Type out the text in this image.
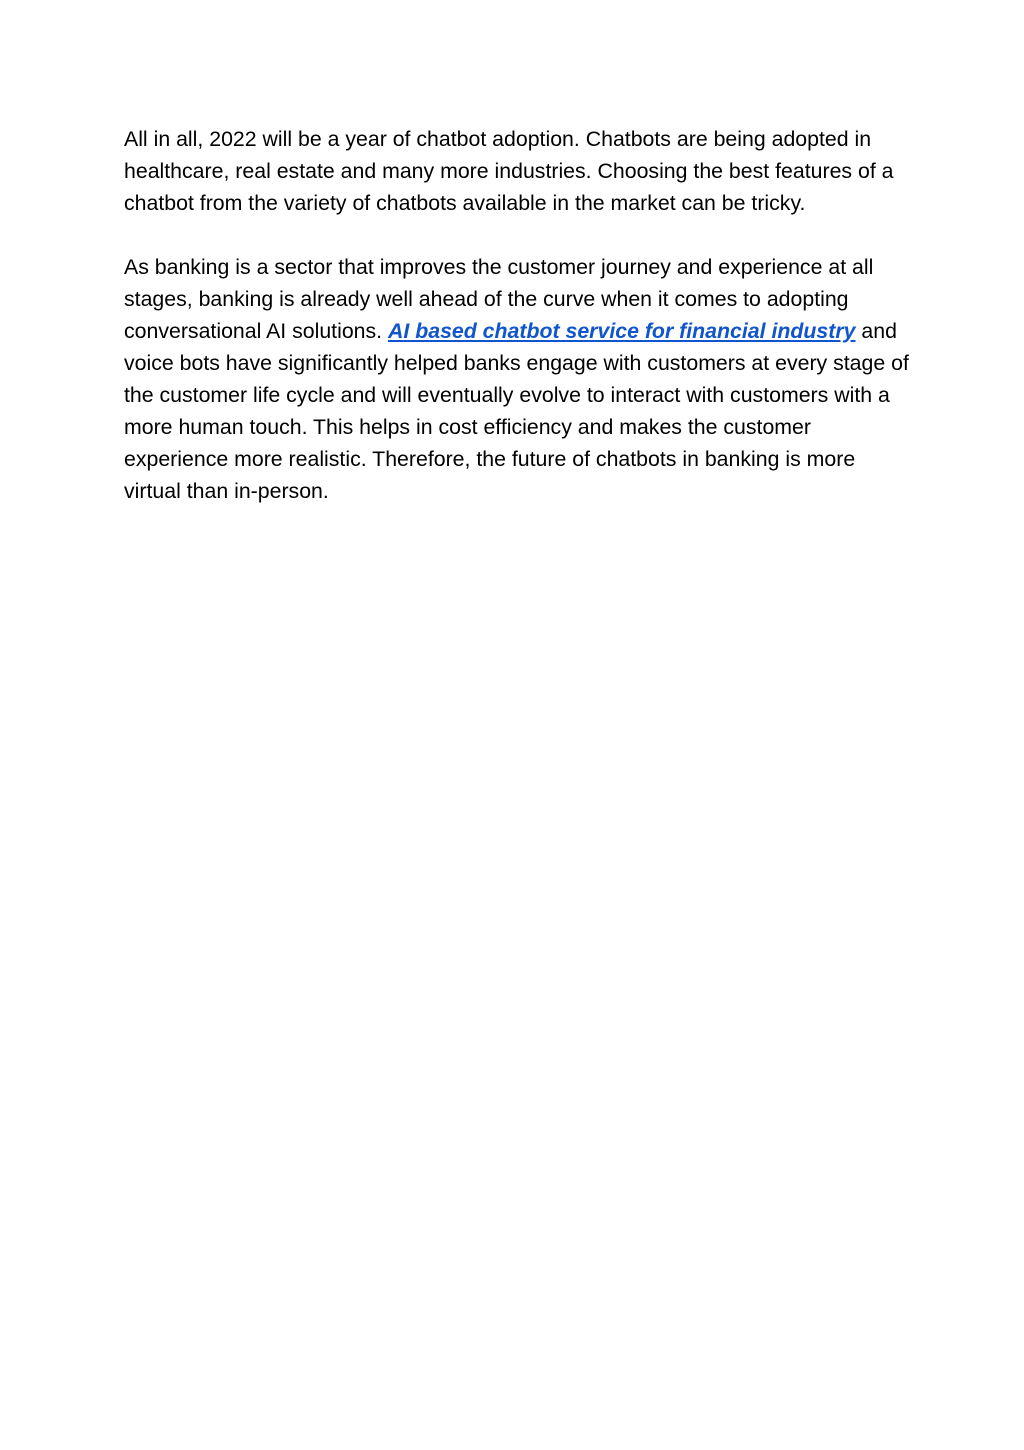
All in all, 2022 will be a year of chatbot adoption. Chatbots are being adopted in healthcare, real estate and many more industries. Choosing the best features of a chatbot from the variety of chatbots available in the market can be tricky.

As banking is a sector that improves the customer journey and experience at all stages, banking is already well ahead of the curve when it comes to adopting conversational AI solutions. AI based chatbot service for financial industry and voice bots have significantly helped banks engage with customers at every stage of the customer life cycle and will eventually evolve to interact with customers with a more human touch. This helps in cost efficiency and makes the customer experience more realistic. Therefore, the future of chatbots in banking is more virtual than in-person.
